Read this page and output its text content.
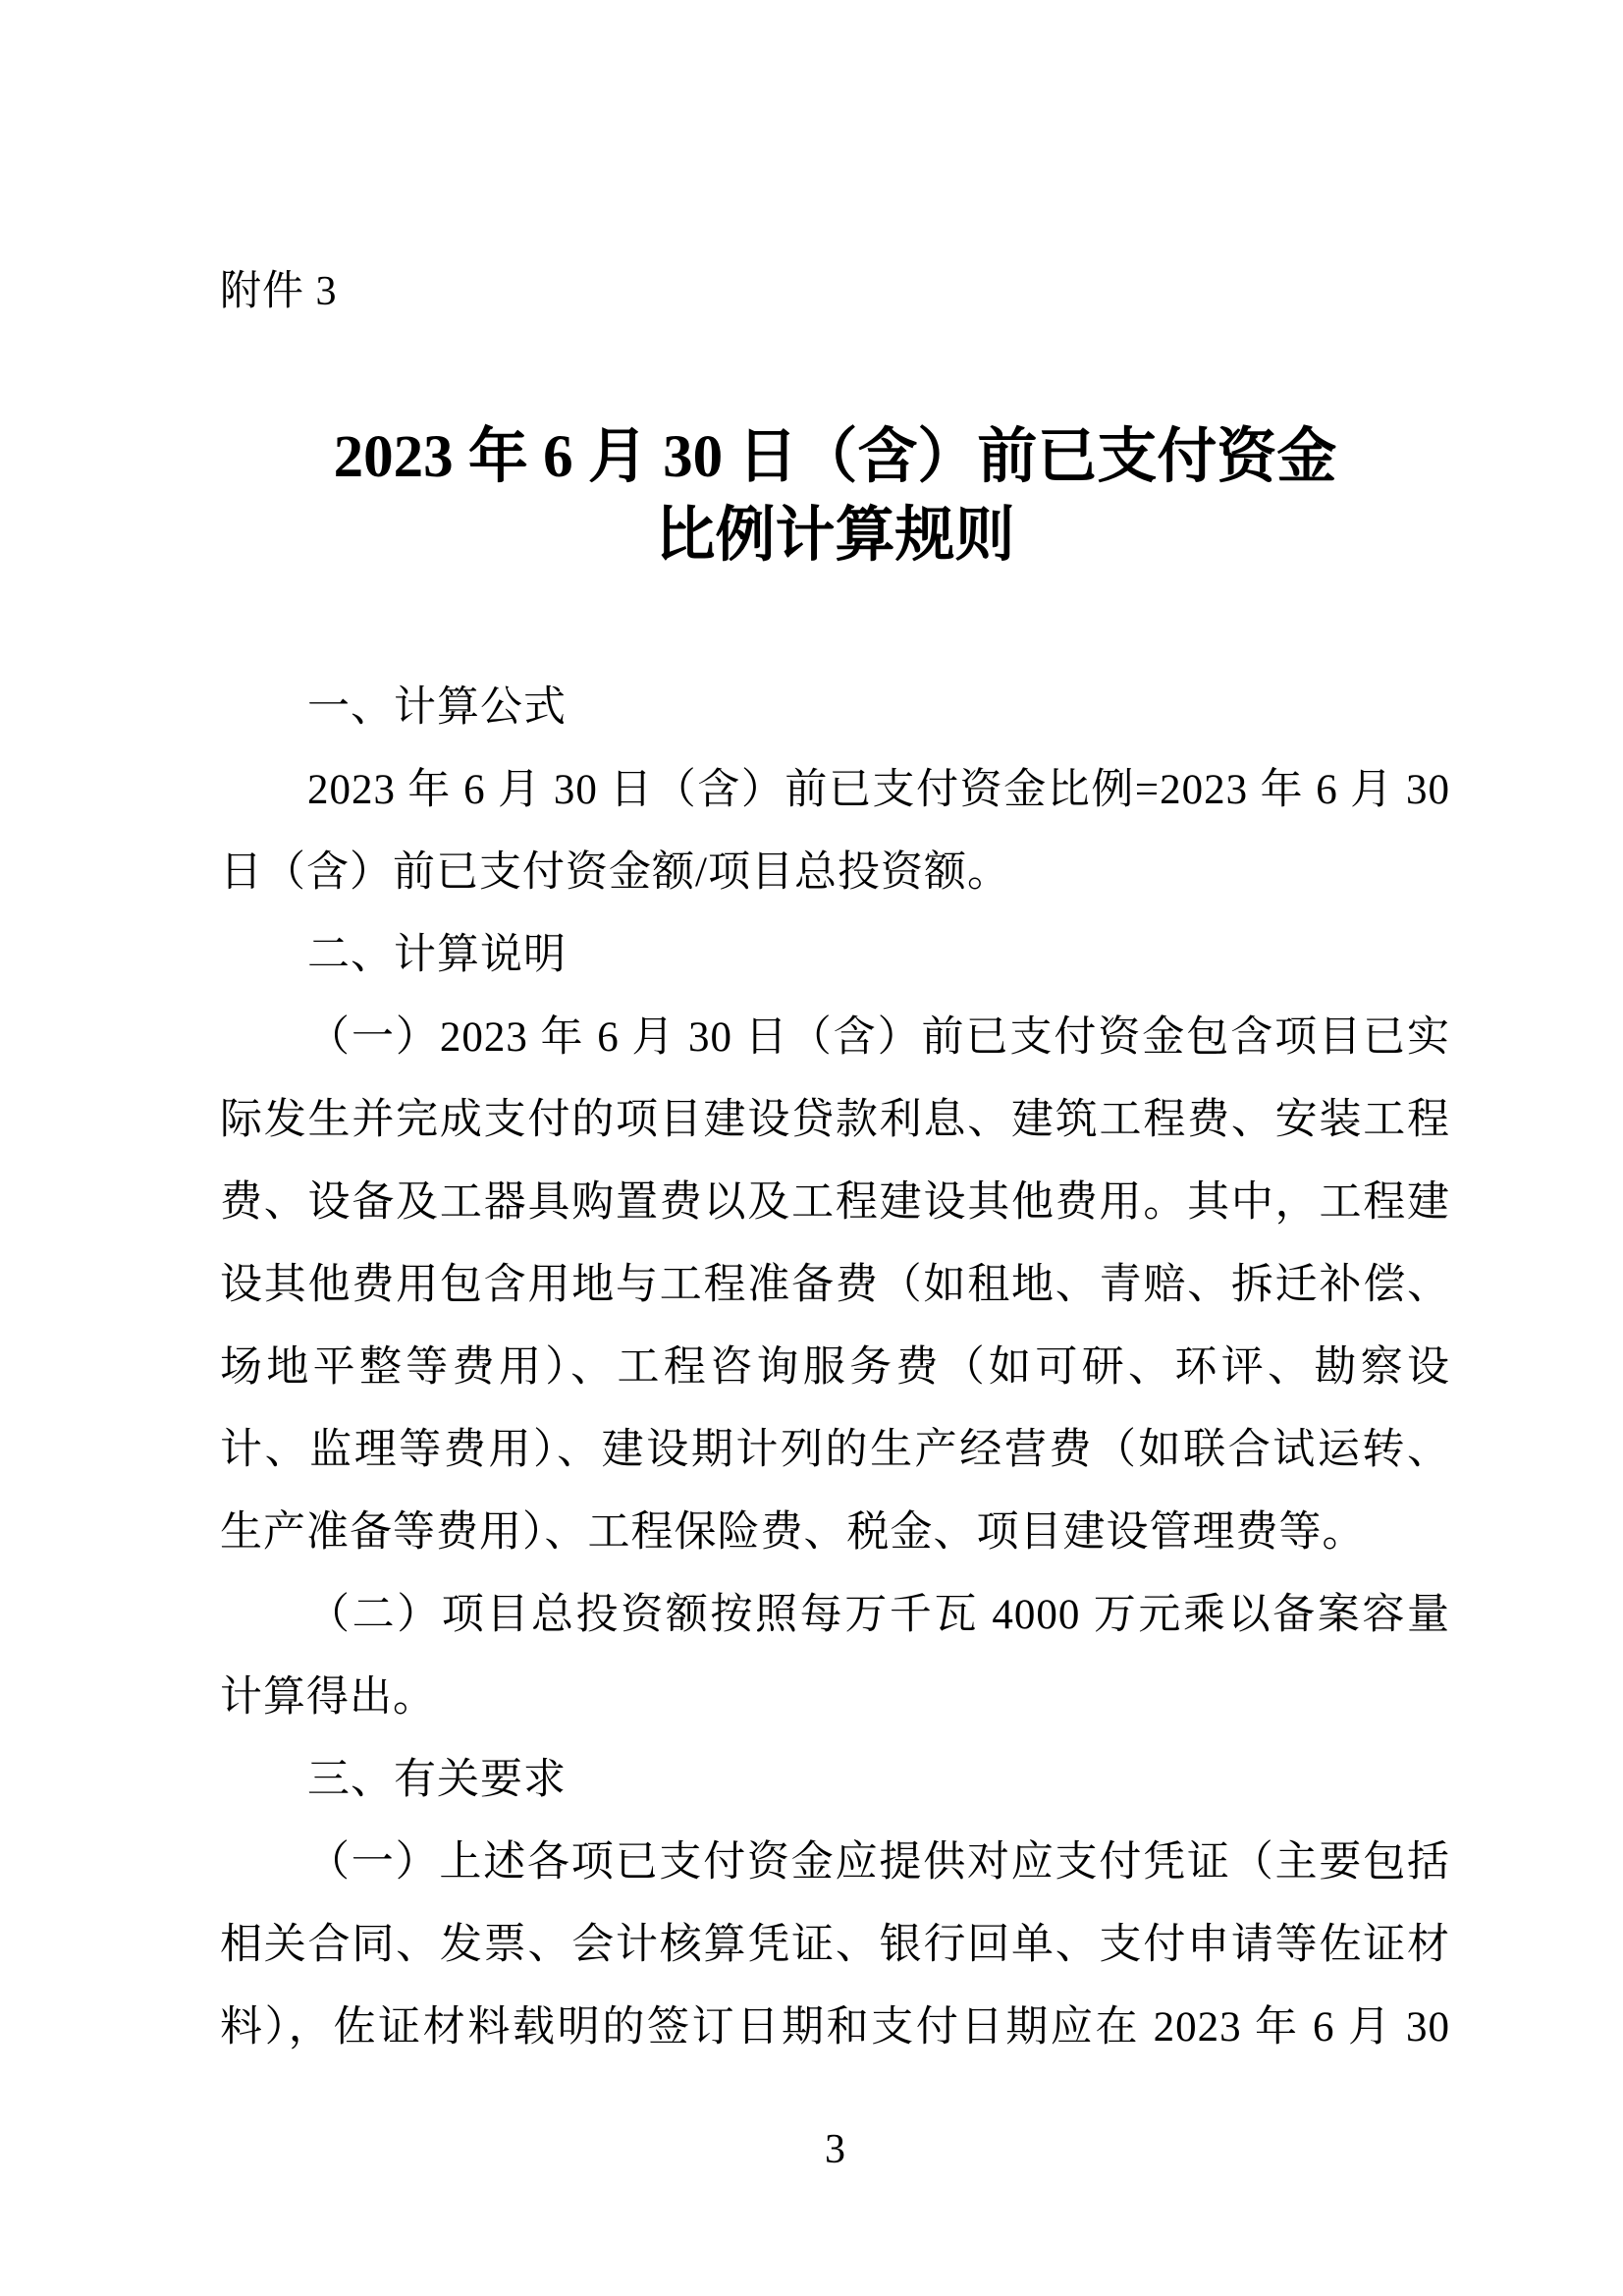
附件 3
2023 年 6 月 30 日（含）前已支付资金
比例计算规则
一、计算公式
2023 年 6 月 30 日（含）前已支付资金比例=2023 年 6 月 30
日（含）前已支付资金额/项目总投资额。
二、计算说明
（一）2023 年 6 月 30 日（含）前已支付资金包含项目已实
际发生并完成支付的项目建设贷款利息、建筑工程费、安装工程
费、设备及工器具购置费以及工程建设其他费用。其中，工程建
设其他费用包含用地与工程准备费（如租地、青赔、拆迁补偿、
场地平整等费用）、工程咨询服务费（如可研、环评、勘察设
计、监理等费用）、建设期计列的生产经营费（如联合试运转、
生产准备等费用）、工程保险费、税金、项目建设管理费等。
（二）项目总投资额按照每万千瓦 4000 万元乘以备案容量
计算得出。
三、有关要求
（一）上述各项已支付资金应提供对应支付凭证（主要包括
相关合同、发票、会计核算凭证、银行回单、支付申请等佐证材
料），佐证材料载明的签订日期和支付日期应在 2023 年 6 月 30
3
